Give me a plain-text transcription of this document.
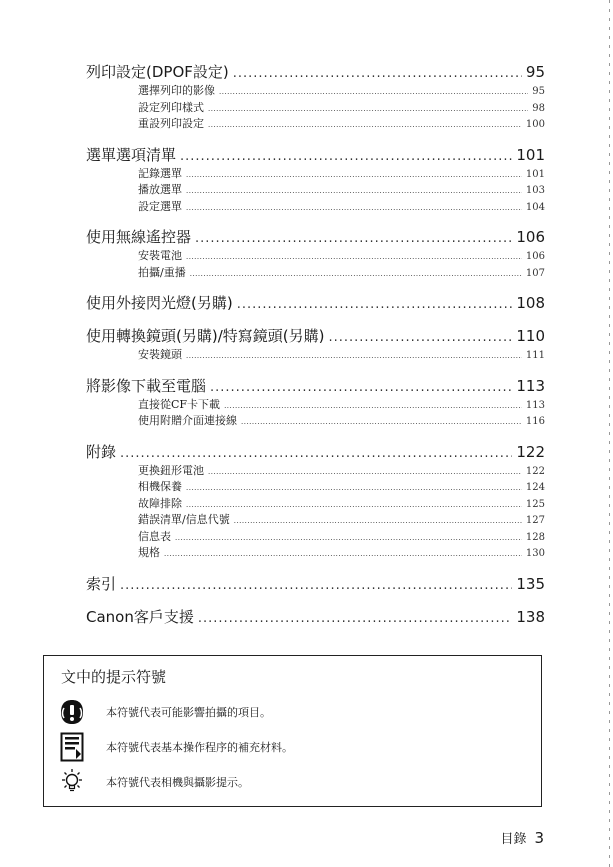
列印設定(DPOF設定) .....	95
選擇列印的影像 .....	95
設定列印樣式 .....	98
重設列印設定 .....	100
選單選項清單 .....	101
記錄選單 .....	101
播放選單 .....	103
設定選單 .....	104
使用無線遙控器 .....	106
安裝電池 .....	106
拍攝/重播 .....	107
使用外接閃光燈(另購) .....	108
使用轉換鏡頭(另購)/特寫鏡頭(另購) .....	110
安裝鏡頭 .....	111
將影像下載至電腦 .....	113
直接從CF卡下載 .....	113
使用附贈介面連接線 .....	116
附錄 .....	122
更換鈕形電池 .....	122
相機保養 .....	124
故障排除 .....	125
錯誤清單/信息代號 .....	127
信息表 .....	128
規格 .....	130
索引 .....	135
Canon客戶支援 .....	138
文中的提示符號
本符號代表可能影響拍攝的項目。
本符號代表基本操作程序的補充材料。
本符號代表相機與攝影提示。
目錄 3
